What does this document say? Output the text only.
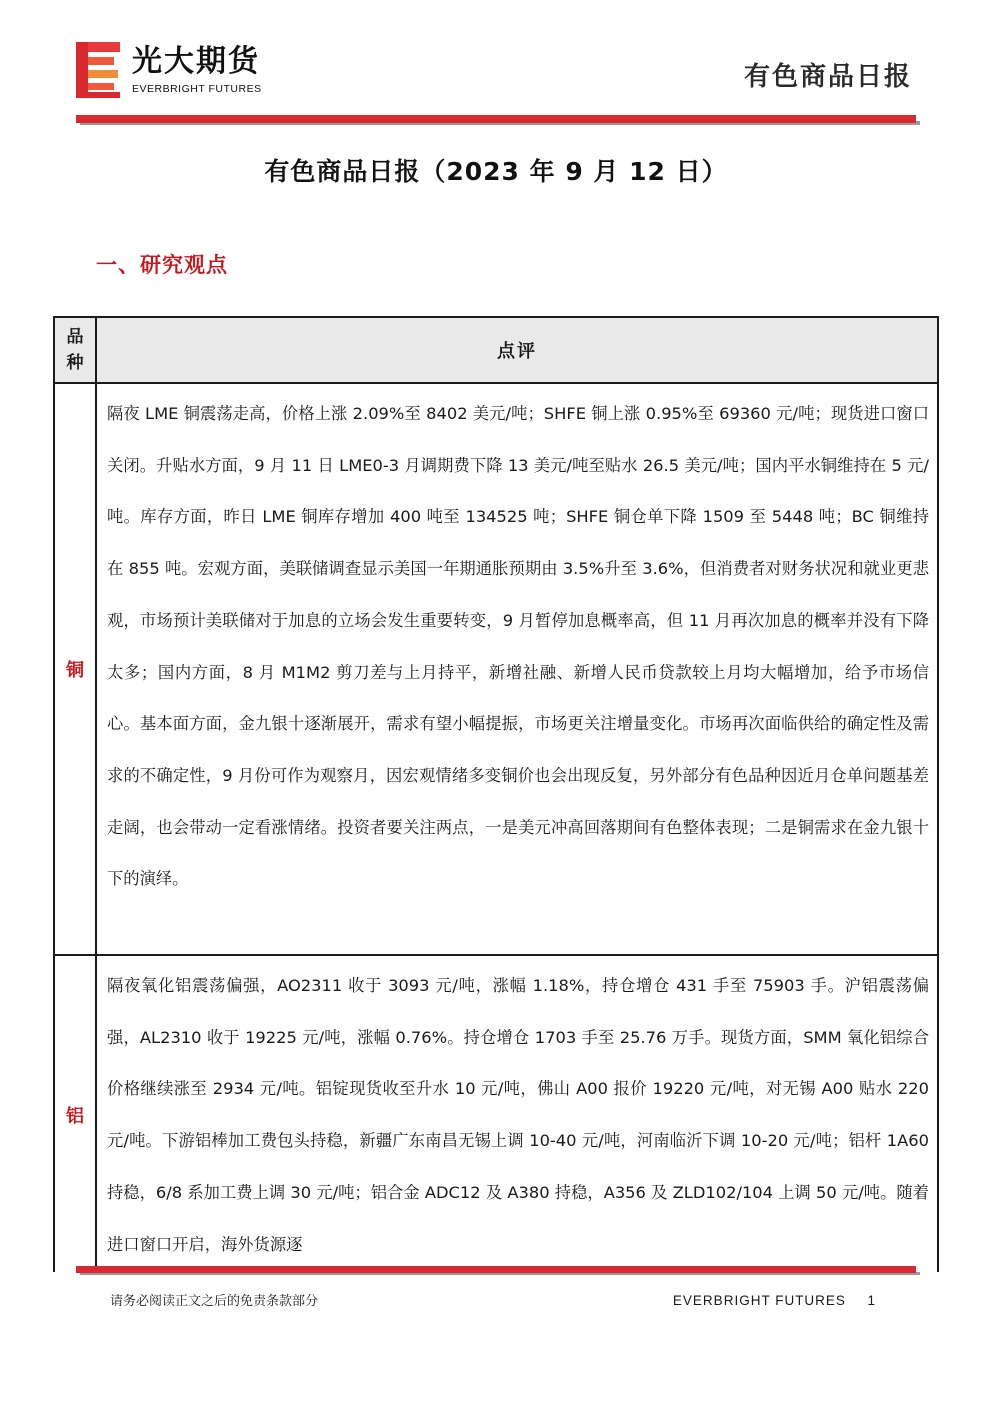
光大期货
EVERBRIGHT FUTURES	有色商品日报
有色商品日报（2023 年 9 月 12 日）
一、研究观点
品种	点评
铜	隔夜 LME 铜震荡走高，价格上涨 2.09%至 8402 美元/吨；SHFE 铜上涨 0.95%至 69360 元/吨；现货进口窗口关闭。升贴水方面，9 月 11 日 LME0-3 月调期费下降 13 美元/吨至贴水 26.5 美元/吨；国内平水铜维持在 5 元/吨。库存方面，昨日 LME 铜库存增加 400 吨至 134525 吨；SHFE 铜仓单下降 1509 至 5448 吨；BC 铜维持在 855 吨。宏观方面，美联储调查显示美国一年期通胀预期由 3.5%升至 3.6%，但消费者对财务状况和就业更悲观，市场预计美联储对于加息的立场会发生重要转变，9 月暂停加息概率高，但 11 月再次加息的概率并没有下降太多；国内方面，8 月 M1M2 剪刀差与上月持平，新增社融、新增人民币贷款较上月均大幅增加，给予市场信心。基本面方面，金九银十逐渐展开，需求有望小幅提振，市场更关注增量变化。市场再次面临供给的确定性及需求的不确定性，9 月份可作为观察月，因宏观情绪多变铜价也会出现反复，另外部分有色品种因近月仓单问题基差走阔，也会带动一定看涨情绪。投资者要关注两点，一是美元冲高回落期间有色整体表现；二是铜需求在金九银十下的演绎。
铝	隔夜氧化铝震荡偏强，AO2311 收于 3093 元/吨，涨幅 1.18%，持仓增仓 431 手至 75903 手。沪铝震荡偏强，AL2310 收于 19225 元/吨，涨幅 0.76%。持仓增仓 1703 手至 25.76 万手。现货方面，SMM 氧化铝综合价格继续涨至 2934 元/吨。铝锭现货收至升水 10 元/吨，佛山 A00 报价 19220 元/吨，对无锡 A00 贴水 220 元/吨。下游铝棒加工费包头持稳，新疆广东南昌无锡上调 10-40 元/吨，河南临沂下调 10-20 元/吨；铝杆 1A60 持稳，6/8 系加工费上调 30 元/吨；铝合金 ADC12 及 A380 持稳，A356 及 ZLD102/104 上调 50 元/吨。随着进口窗口开启，海外货源逐
请务必阅读正文之后的免责条款部分	EVERBRIGHT FUTURES 1
